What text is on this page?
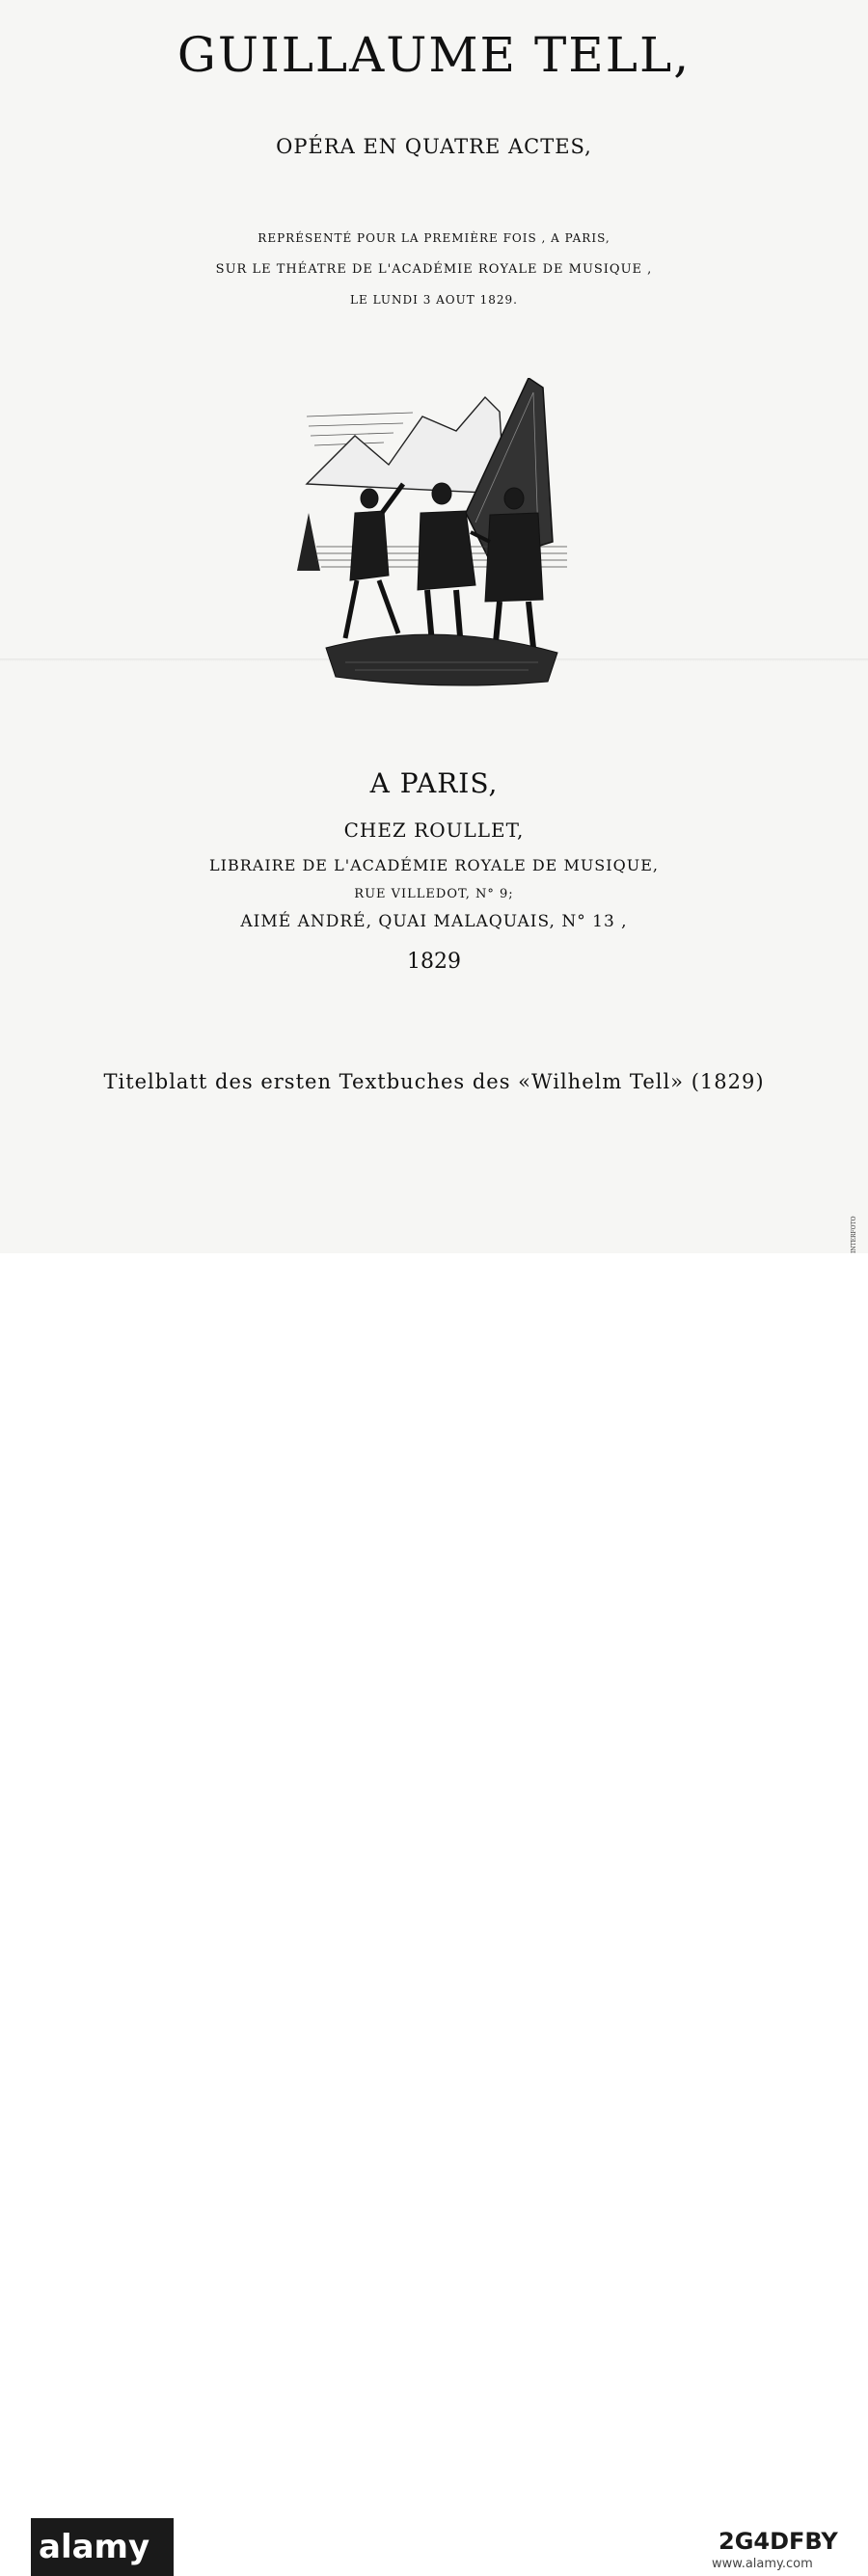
GUILLAUME TELL,
OPÉRA EN QUATRE ACTES,
REPRÉSENTÉ POUR LA PREMIÈRE FOIS , A PARIS,
SUR LE THÉATRE DE L'ACADÉMIE ROYALE DE MUSIQUE ,
LE LUNDI 3 AOUT 1829.
A PARIS,
CHEZ ROULLET,
LIBRAIRE DE L'ACADÉMIE ROYALE DE MUSIQUE,
RUE VILLEDOT, N° 9;
AIMÉ ANDRÉ, QUAI MALAQUAIS, N° 13 ,
1829
Titelblatt des ersten Textbuches des «Wilhelm Tell» (1829)
INTERFOTO
alamy	2G4DFBY
www.alamy.com
